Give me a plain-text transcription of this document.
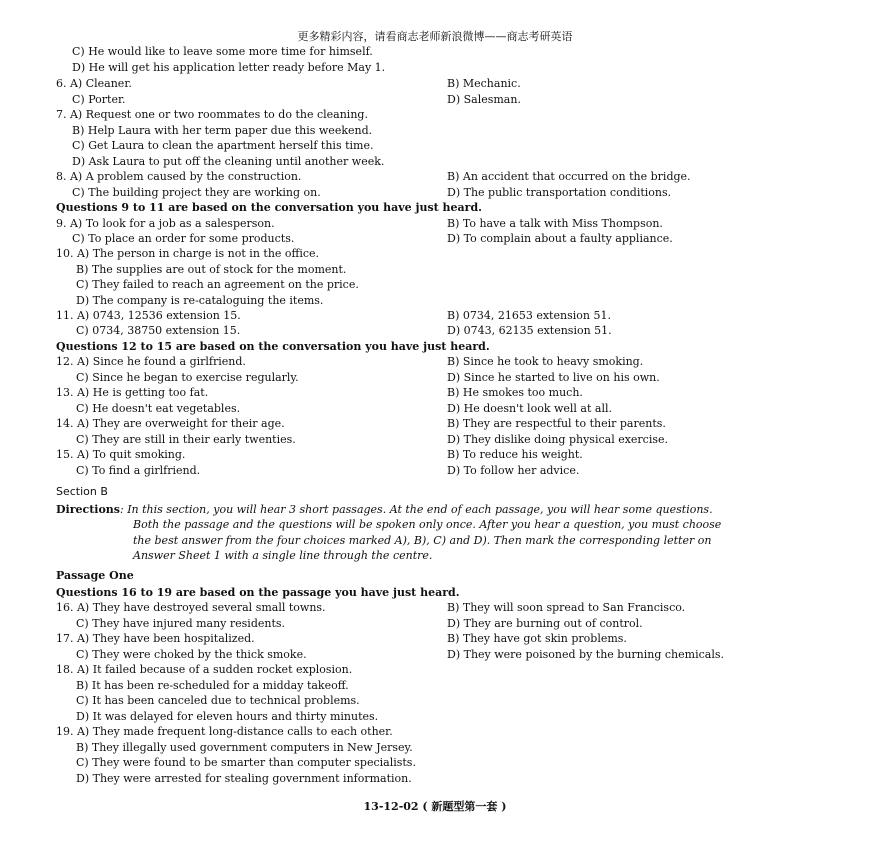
更多精彩内容，请看商志老师新浪微博——商志考研英语
C) He would like to leave some more time for himself.
D) He will get his application letter ready before May 1.
6. A) Cleaner.	B) Mechanic.
C) Porter.	D) Salesman.
7. A) Request one or two roommates to do the cleaning.
B) Help Laura with her term paper due this weekend.
C) Get Laura to clean the apartment herself this time.
D) Ask Laura to put off the cleaning until another week.
8. A) A problem caused by the construction.	B) An accident that occurred on the bridge.
C) The building project they are working on.	D) The public transportation conditions.
Questions 9 to 11 are based on the conversation you have just heard.
9. A) To look for a job as a salesperson.	B) To have a talk with Miss Thompson.
C) To place an order for some products.	D) To complain about a faulty appliance.
10. A) The person in charge is not in the office.
B) The supplies are out of stock for the moment.
C) They failed to reach an agreement on the price.
D) The company is re-cataloguing the items.
11. A) 0743, 12536 extension 15.	B) 0734, 21653 extension 51.
C) 0734, 38750 extension 15.	D) 0743, 62135 extension 51.
Questions 12 to 15 are based on the conversation you have just heard.
12. A) Since he found a girlfriend.	B) Since he took to heavy smoking.
C) Since he began to exercise regularly.	D) Since he started to live on his own.
13. A) He is getting too fat.	B) He smokes too much.
C) He doesn't eat vegetables.	D) He doesn't look well at all.
14. A) They are overweight for their age.	B) They are respectful to their parents.
C) They are still in their early twenties.	D) They dislike doing physical exercise.
15. A) To quit smoking.	B) To reduce his weight.
C) To find a girlfriend.	D) To follow her advice.
Section B
Directions: In this section, you will hear 3 short passages. At the end of each passage, you will hear some questions.
Both the passage and the questions will be spoken only once. After you hear a question, you must choose
the best answer from the four choices marked A), B), C) and D). Then mark the corresponding letter on
Answer Sheet 1 with a single line through the centre.
Passage One
Questions 16 to 19 are based on the passage you have just heard.
16. A) They have destroyed several small towns.	B) They will soon spread to San Francisco.
C) They have injured many residents.	D) They are burning out of control.
17. A) They have been hospitalized.	B) They have got skin problems.
C) They were choked by the thick smoke.	D) They were poisoned by the burning chemicals.
18. A) It failed because of a sudden rocket explosion.
B) It has been re-scheduled for a midday takeoff.
C) It has been canceled due to technical problems.
D) It was delayed for eleven hours and thirty minutes.
19. A) They made frequent long-distance calls to each other.
B) They illegally used government computers in New Jersey.
C) They were found to be smarter than computer specialists.
D) They were arrested for stealing government information.
13-12-02 ( 新题型第一套 )
